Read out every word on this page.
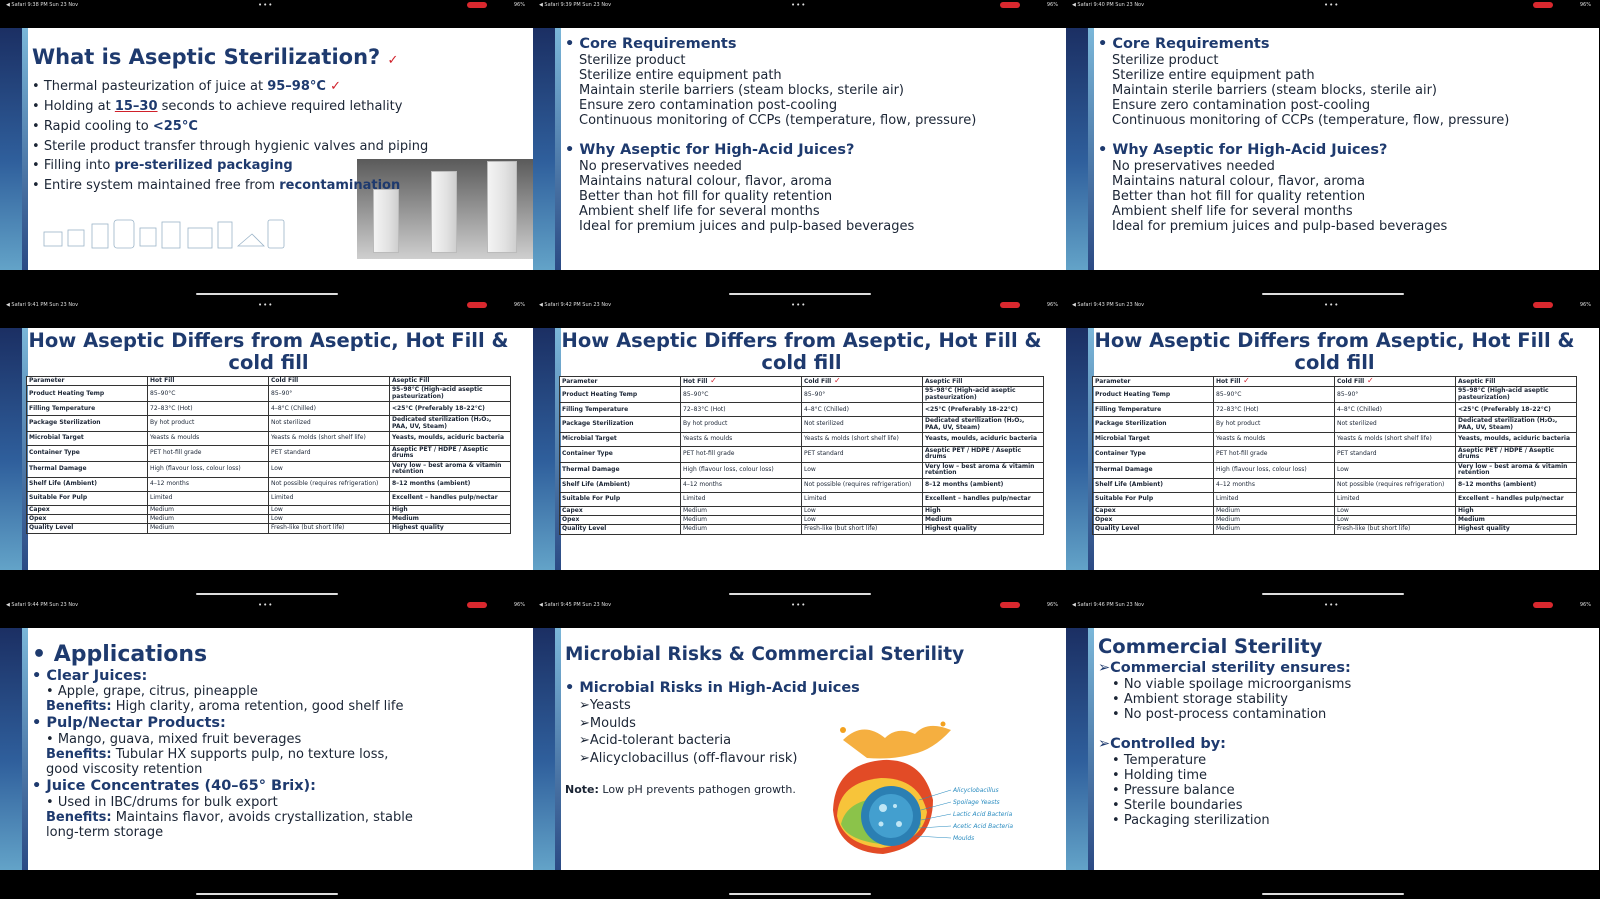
◀ Safari 9:38 PM Sun 23 Nov	•••	96%
What is Aseptic Sterilization? ✓
• Thermal pasteurization of juice at 95–98°C ✓
• Holding at 15–30 seconds to achieve required lethality
• Rapid cooling to <25°C
• Sterile product transfer through hygienic valves and piping
• Filling into pre-sterilized packaging
• Entire system maintained free from recontamination
◀ Safari 9:39 PM Sun 23 Nov	•••	96%
• Core Requirements
Sterilize product
Sterilize entire equipment path
Maintain sterile barriers (steam blocks, sterile air)
Ensure zero contamination post-cooling
Continuous monitoring of CCPs (temperature, flow, pressure)
• Why Aseptic for High-Acid Juices?
No preservatives needed
Maintains natural colour, flavor, aroma
Better than hot fill for quality retention
Ambient shelf life for several months
Ideal for premium juices and pulp-based beverages
◀ Safari 9:40 PM Sun 23 Nov	•••	96%
• Core Requirements
Sterilize product
Sterilize entire equipment path
Maintain sterile barriers (steam blocks, sterile air)
Ensure zero contamination post-cooling
Continuous monitoring of CCPs (temperature, flow, pressure)
• Why Aseptic for High-Acid Juices?
No preservatives needed
Maintains natural colour, flavor, aroma
Better than hot fill for quality retention
Ambient shelf life for several months
Ideal for premium juices and pulp-based beverages
◀ Safari 9:41 PM Sun 23 Nov	•••	96%
How Aseptic Differs from Aseptic, Hot Fill & cold fill
Parameter	Hot Fill	Cold Fill	Aseptic Fill
Product Heating Temp	85–90°C	85–90°	95–98°C (High-acid aseptic pasteurization)
Filling Temperature	72–83°C (Hot)	4–8°C (Chilled)	<25°C (Preferably 18–22°C)
Package Sterilization	By hot product	Not sterilized	Dedicated sterilization (H₂O₂, PAA, UV, Steam)
Microbial Target	Yeasts & moulds	Yeasts & molds (short shelf life)	Yeasts, moulds, aciduric bacteria
Container Type	PET hot-fill grade	PET standard	Aseptic PET / HDPE / Aseptic drums
Thermal Damage	High (flavour loss, colour loss)	Low	Very low – best aroma & vitamin retention
Shelf Life (Ambient)	4–12 months	Not possible (requires refrigeration)	8–12 months (ambient)
Suitable For Pulp	Limited	Limited	Excellent – handles pulp/nectar
Capex	Medium	Low	High
Opex	Medium	Low	Medium
Quality Level	Medium	Fresh-like (but short life)	Highest quality
◀ Safari 9:42 PM Sun 23 Nov	•••	96%
How Aseptic Differs from Aseptic, Hot Fill & cold fill
Parameter	Hot Fill ✓	Cold Fill ✓	Aseptic Fill
Product Heating Temp	85–90°C	85–90°	95–98°C (High-acid aseptic pasteurization)
Filling Temperature	72–83°C (Hot)	4–8°C (Chilled)	<25°C (Preferably 18–22°C)
Package Sterilization	By hot product	Not sterilized	Dedicated sterilization (H₂O₂, PAA, UV, Steam)
Microbial Target	Yeasts & moulds	Yeasts & molds (short shelf life)	Yeasts, moulds, aciduric bacteria
Container Type	PET hot-fill grade	PET standard	Aseptic PET / HDPE / Aseptic drums
Thermal Damage	High (flavour loss, colour loss)	Low	Very low – best aroma & vitamin retention
Shelf Life (Ambient)	4–12 months	Not possible (requires refrigeration)	8–12 months (ambient)
Suitable For Pulp	Limited	Limited	Excellent – handles pulp/nectar
Capex	Medium	Low	High
Opex	Medium	Low	Medium
Quality Level	Medium	Fresh-like (but short life)	Highest quality
◀ Safari 9:43 PM Sun 23 Nov	•••	96%
How Aseptic Differs from Aseptic, Hot Fill & cold fill
Parameter	Hot Fill ✓	Cold Fill ✓	Aseptic Fill
Product Heating Temp	85–90°C	85–90°	95–98°C (High-acid aseptic pasteurization)
Filling Temperature	72–83°C (Hot)	4–8°C (Chilled)	<25°C (Preferably 18–22°C)
Package Sterilization	By hot product	Not sterilized	Dedicated sterilization (H₂O₂, PAA, UV, Steam)
Microbial Target	Yeasts & moulds	Yeasts & molds (short shelf life)	Yeasts, moulds, aciduric bacteria
Container Type	PET hot-fill grade	PET standard	Aseptic PET / HDPE / Aseptic drums
Thermal Damage	High (flavour loss, colour loss)	Low	Very low – best aroma & vitamin retention
Shelf Life (Ambient)	4–12 months	Not possible (requires refrigeration)	8–12 months (ambient)
Suitable For Pulp	Limited	Limited	Excellent – handles pulp/nectar
Capex	Medium	Low	High
Opex	Medium	Low	Medium
Quality Level	Medium	Fresh-like (but short life)	Highest quality
◀ Safari 9:44 PM Sun 23 Nov	•••	96%
• Applications
• Clear Juices:
• Apple, grape, citrus, pineapple
Benefits: High clarity, aroma retention, good shelf life
• Pulp/Nectar Products:
• Mango, guava, mixed fruit beverages
Benefits: Tubular HX supports pulp, no texture loss,
good viscosity retention
• Juice Concentrates (40–65° Brix):
• Used in IBC/drums for bulk export
Benefits: Maintains flavor, avoids crystallization, stable
long-term storage
◀ Safari 9:45 PM Sun 23 Nov	•••	96%
Microbial Risks & Commercial Sterility
• Microbial Risks in High-Acid Juices
➢Yeasts
➢Moulds
➢Acid-tolerant bacteria
➢Alicyclobacillus (off-flavour risk)
Note: Low pH prevents pathogen growth.	Alicyclobacillus
Spoilage Yeasts
Lactic Acid Bacteria
Acetic Acid Bacteria
Moulds
◀ Safari 9:46 PM Sun 23 Nov	•••	96%
Commercial Sterility
➢Commercial sterility ensures:
• No viable spoilage microorganisms
• Ambient storage stability
• No post-process contamination
➢Controlled by:
• Temperature
• Holding time
• Pressure balance
• Sterile boundaries
• Packaging sterilization
